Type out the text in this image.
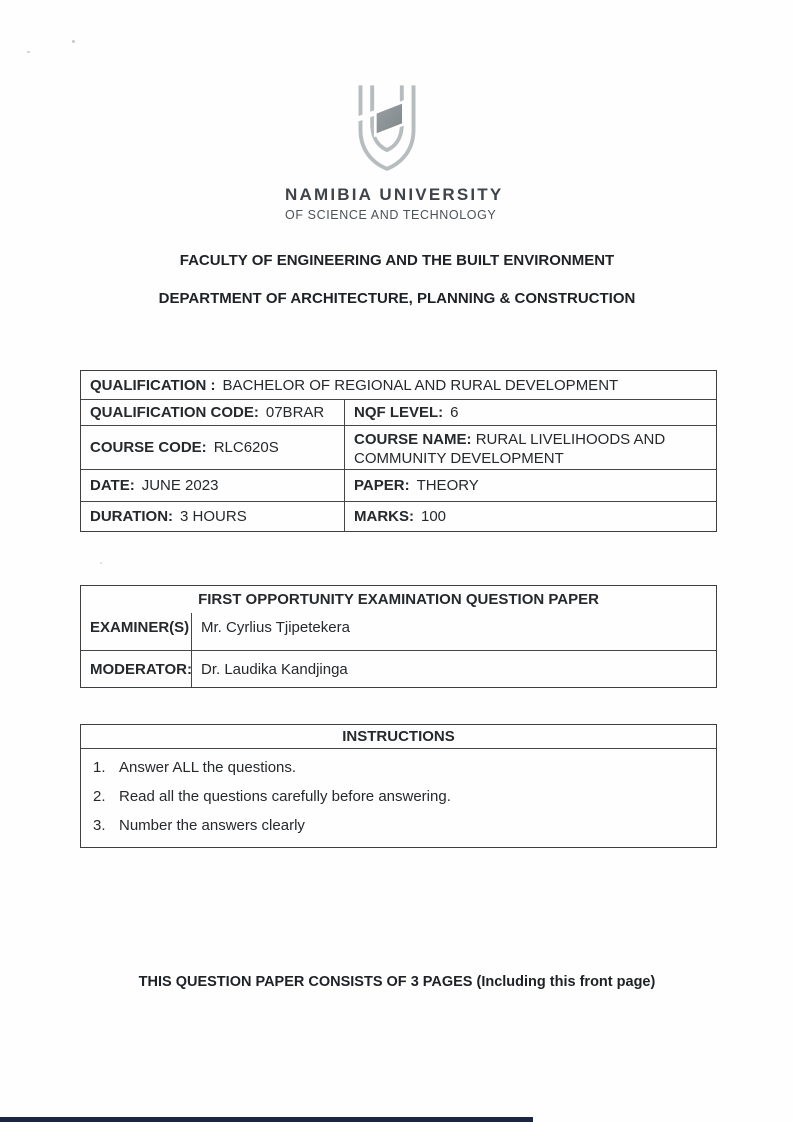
NAMIBIA UNIVERSITY
OF SCIENCE AND TECHNOLOGY
FACULTY OF ENGINEERING AND THE BUILT ENVIRONMENT
DEPARTMENT OF ARCHITECTURE, PLANNING & CONSTRUCTION
QUALIFICATION : BACHELOR OF REGIONAL AND RURAL DEVELOPMENT
QUALIFICATION CODE: 07BRAR NQF LEVEL: 6
COURSE CODE: RLC620S	COURSE NAME: RURAL LIVELIHOODS AND COMMUNITY DEVELOPMENT

DATE: JUNE 2023	PAPER: THEORY
DURATION: 3 HOURS	MARKS: 100
FIRST OPPORTUNITY EXAMINATION QUESTION PAPER
EXAMINER(S) Mr. Cyrlius Tjipetekera
MODERATOR: Dr. Laudika Kandjinga
INSTRUCTIONS
1. Answer ALL the questions.
2. Read all the questions carefully before answering.
3. Number the answers clearly
THIS QUESTION PAPER CONSISTS OF 3 PAGES (Including this front page)
